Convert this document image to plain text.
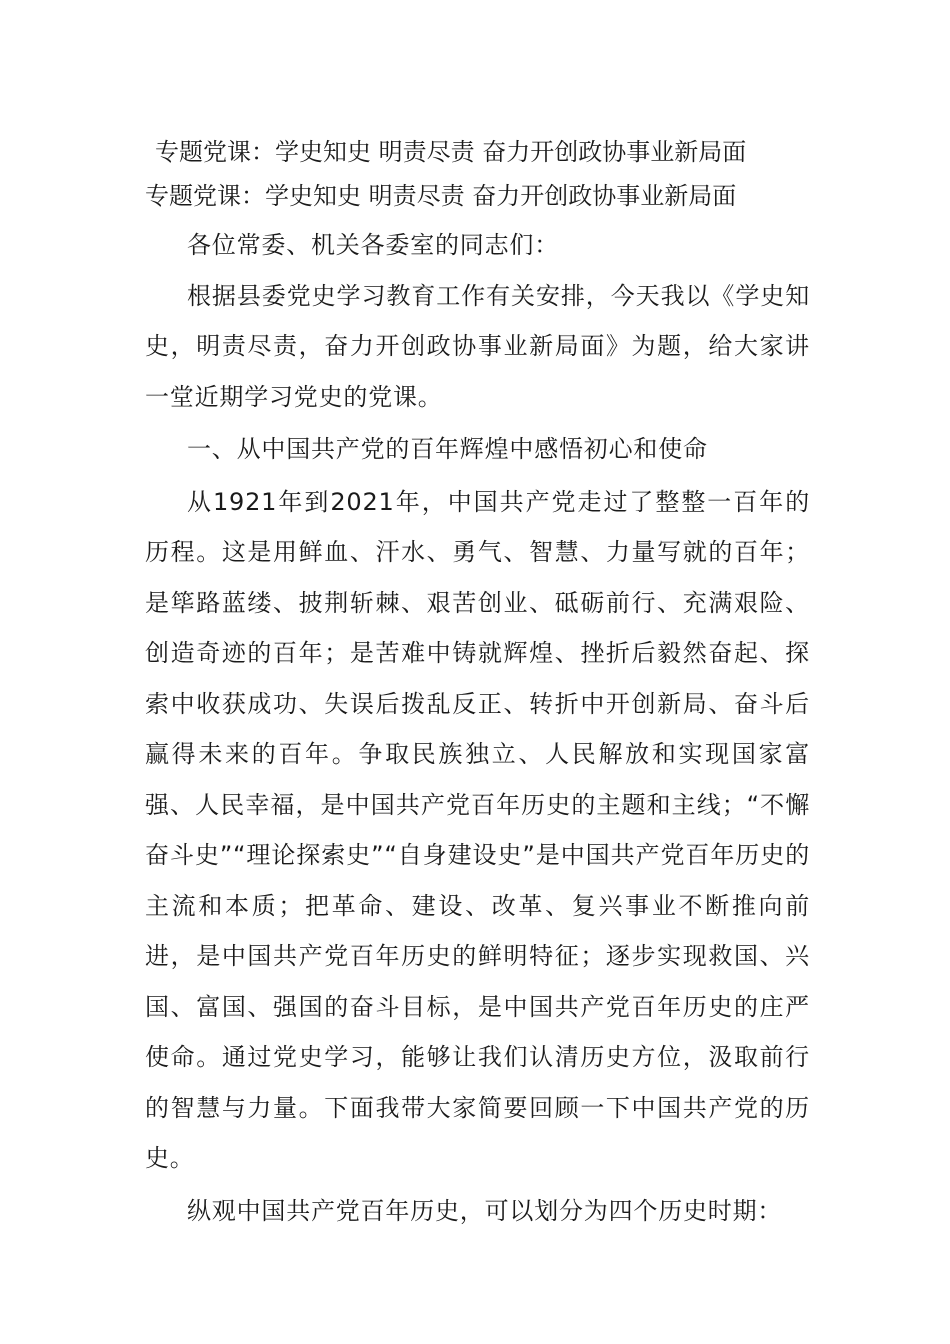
专题党课：学史知史 明责尽责 奋力开创政协事业新局面

专题党课：学史知史 明责尽责 奋力开创政协事业新局面

各位常委、机关各委室的同志们：

根据县委党史学习教育工作有关安排，今天我以《学史知史，明责尽责，奋力开创政协事业新局面》为题，给大家讲一堂近期学习党史的党课。

一、从中国共产党的百年辉煌中感悟初心和使命

从1921年到2021年，中国共产党走过了整整一百年的历程。这是用鲜血、汗水、勇气、智慧、力量写就的百年；是筚路蓝缕、披荆斩棘、艰苦创业、砥砺前行、充满艰险、创造奇迹的百年；是苦难中铸就辉煌、挫折后毅然奋起、探索中收获成功、失误后拨乱反正、转折中开创新局、奋斗后赢得未来的百年。争取民族独立、人民解放和实现国家富强、人民幸福，是中国共产党百年历史的主题和主线；“不懈奋斗史”“理论探索史”“自身建设史”是中国共产党百年历史的主流和本质；把革命、建设、改革、复兴事业不断推向前进，是中国共产党百年历史的鲜明特征；逐步实现救国、兴国、富国、强国的奋斗目标，是中国共产党百年历史的庄严使命。通过党史学习，能够让我们认清历史方位，汲取前行的智慧与力量。下面我带大家简要回顾一下中国共产党的历史。

纵观中国共产党百年历史，可以划分为四个历史时期：
